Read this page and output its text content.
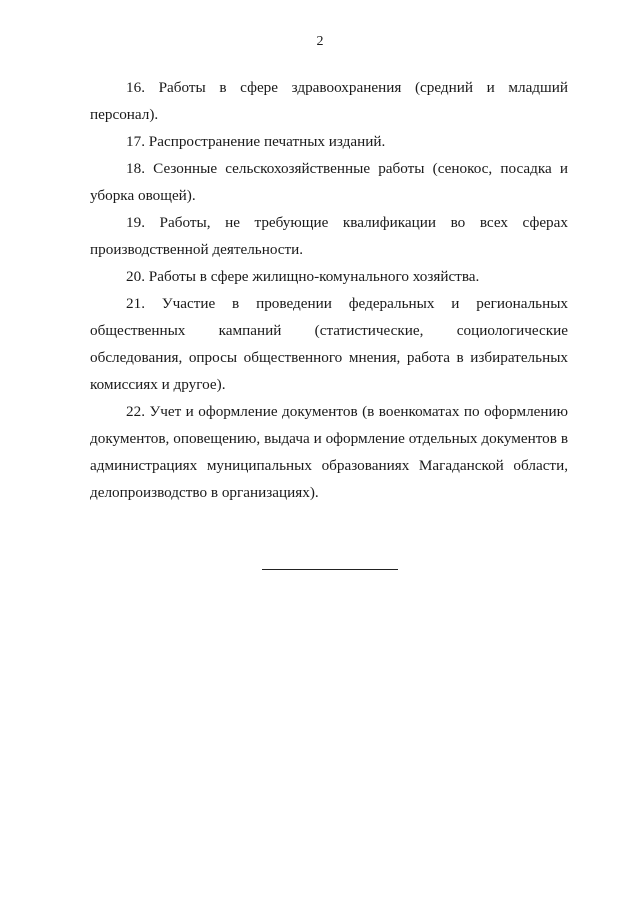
2

16. Работы в сфере здравоохранения (средний и младший персонал).

17. Распространение печатных изданий.

18. Сезонные сельскохозяйственные работы (сенокос, посадка и уборка овощей).

19. Работы, не требующие квалификации во всех сферах производственной деятельности.

20. Работы в сфере жилищно-комунального хозяйства.

21. Участие в проведении федеральных и региональных общественных кампаний (статистические, социологические обследования, опросы общественного мнения, работа в избирательных комиссиях и другое).

22. Учет и оформление документов (в военкоматах по оформлению документов, оповещению, выдача и оформление отдельных документов в администрациях муниципальных образованиях Магаданской области, делопроизводство в организациях).
